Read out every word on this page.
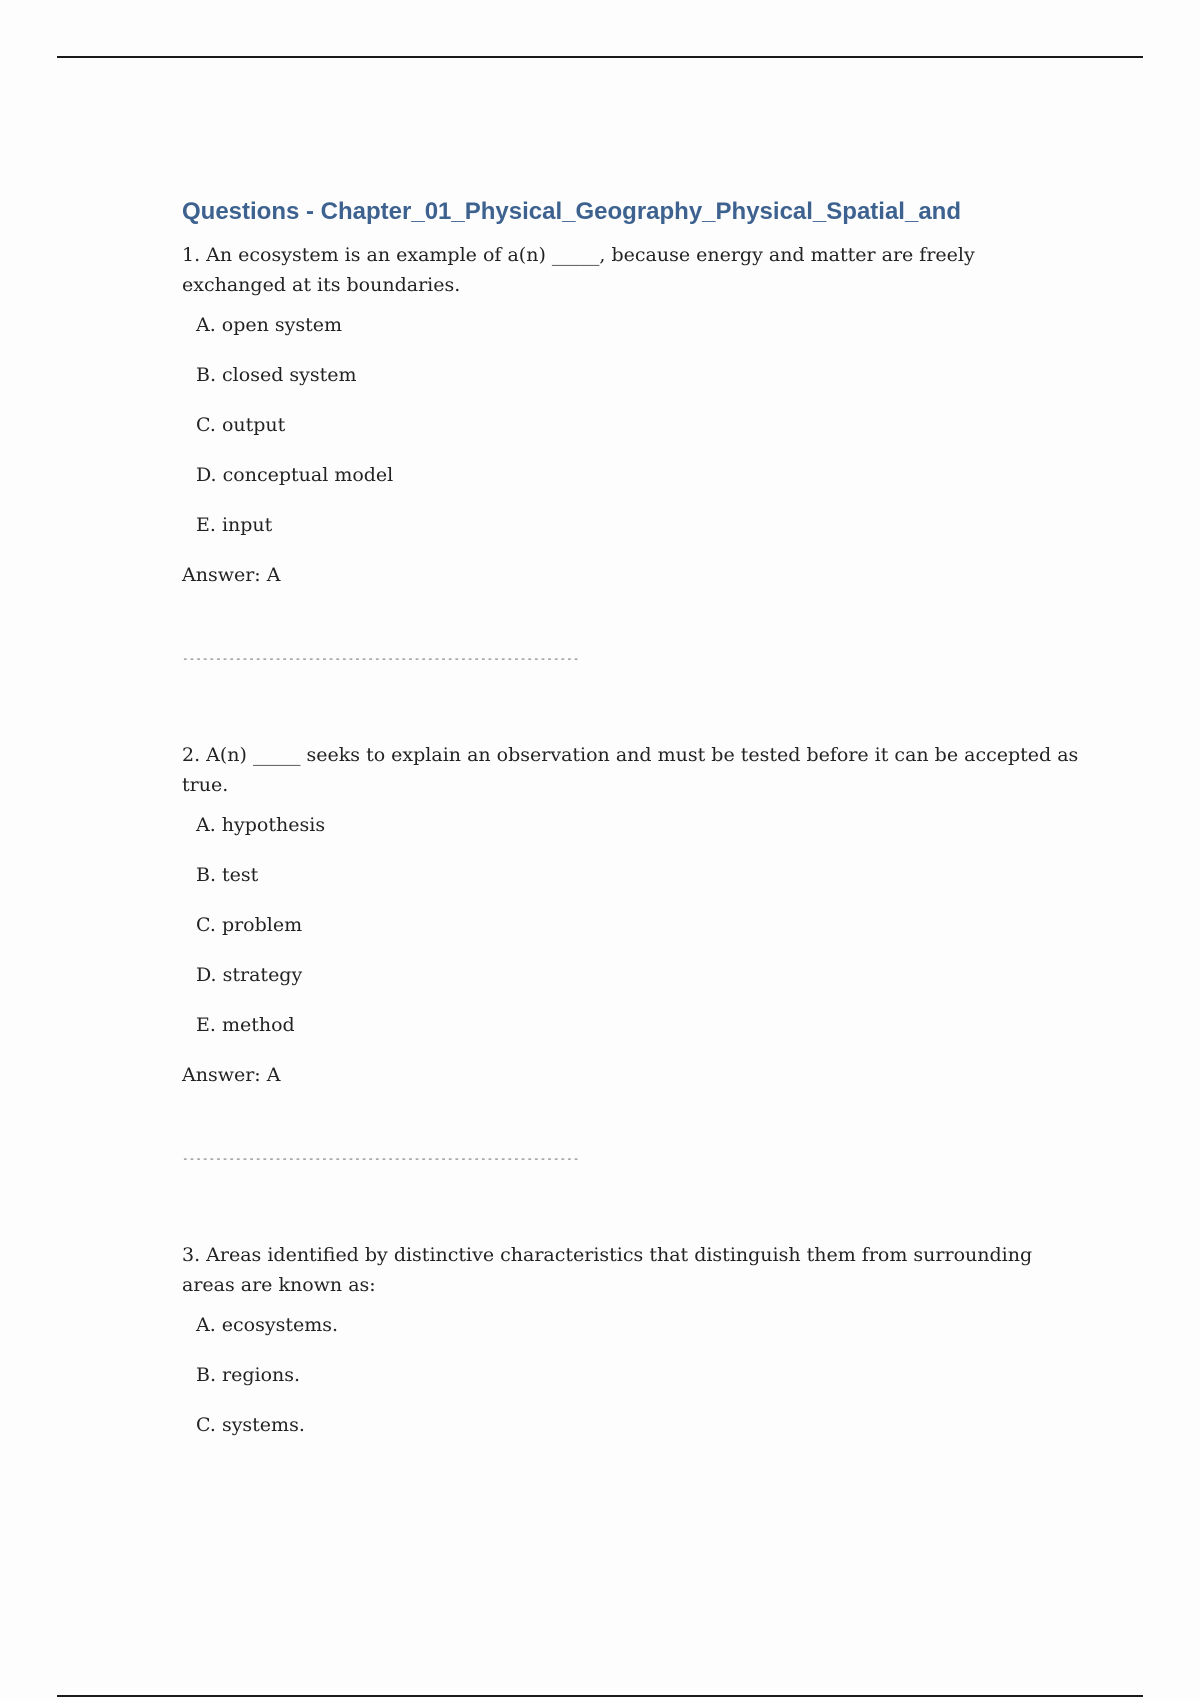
Questions - Chapter_01_Physical_Geography_Physical_Spatial_and

1. An ecosystem is an example of a(n) _____, because energy and matter are freely exchanged at its boundaries.

A. open system
B. closed system
C. output
D. conceptual model
E. input

Answer: A

------------------------------------------------------------

2. A(n) _____ seeks to explain an observation and must be tested before it can be accepted as true.

A. hypothesis
B. test
C. problem
D. strategy
E. method

Answer: A

------------------------------------------------------------

3. Areas identified by distinctive characteristics that distinguish them from surrounding areas are known as:

A. ecosystems.
B. regions.
C. systems.
